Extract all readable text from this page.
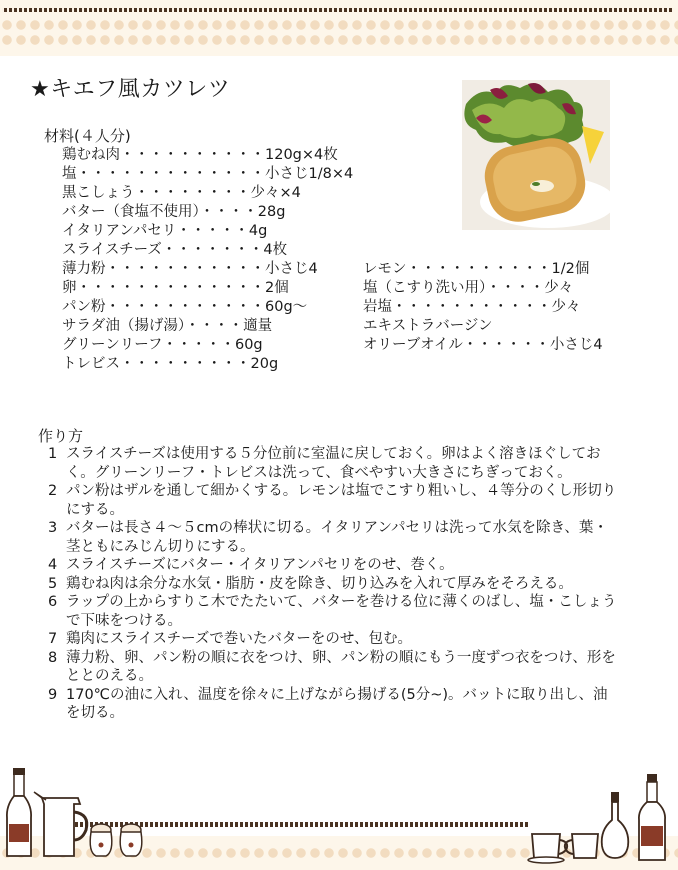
★キエフ風カツレツ
材料(４人分)
鶏むね肉・・・・・・・・・・120g×4枚
塩・・・・・・・・・・・・・小さじ1/8×4
黒こしょう・・・・・・・・少々×4
バター（食塩不使用）・・・・28g
イタリアンパセリ・・・・・4g
スライスチーズ・・・・・・・4枚
薄力粉・・・・・・・・・・・小さじ4
卵・・・・・・・・・・・・・2個
パン粉・・・・・・・・・・・60g～
サラダ油（揚げ湯）・・・・適量
グリーンリーフ・・・・・60g
トレビス・・・・・・・・・20g
レモン・・・・・・・・・・1/2個
塩（こすり洗い用）・・・・少々
岩塩・・・・・・・・・・・少々
エキストラバージン
オリーブオイル・・・・・・小さじ4
作り方
1 スライスチーズは使用する５分位前に室温に戻しておく。卵はよく溶きほぐしておく。グリーンリーフ・トレビスは洗って、食べやすい大きさにちぎっておく。
2 パン粉はザルを通して細かくする。レモンは塩でこすり粗いし、４等分のくし形切りにする。
3 バターは長さ４～５cmの棒状に切る。イタリアンパセリは洗って水気を除き、葉・茎ともにみじん切りにする。
4 スライスチーズにバター・イタリアンパセリをのせ、巻く。
5 鶏むね肉は余分な水気・脂肪・皮を除き、切り込みを入れて厚みをそろえる。
6 ラップの上からすりこ木でたたいて、バターを巻ける位に薄くのばし、塩・こしょうで下味をつける。
7 鶏肉にスライスチーズで巻いたバターをのせ、包む。
8 薄力粉、卵、パン粉の順に衣をつけ、卵、パン粉の順にもう一度ずつ衣をつけ、形をととのえる。
9 170℃の油に入れ、温度を徐々に上げながら揚げる(5分~)。バットに取り出し、油を切る。
